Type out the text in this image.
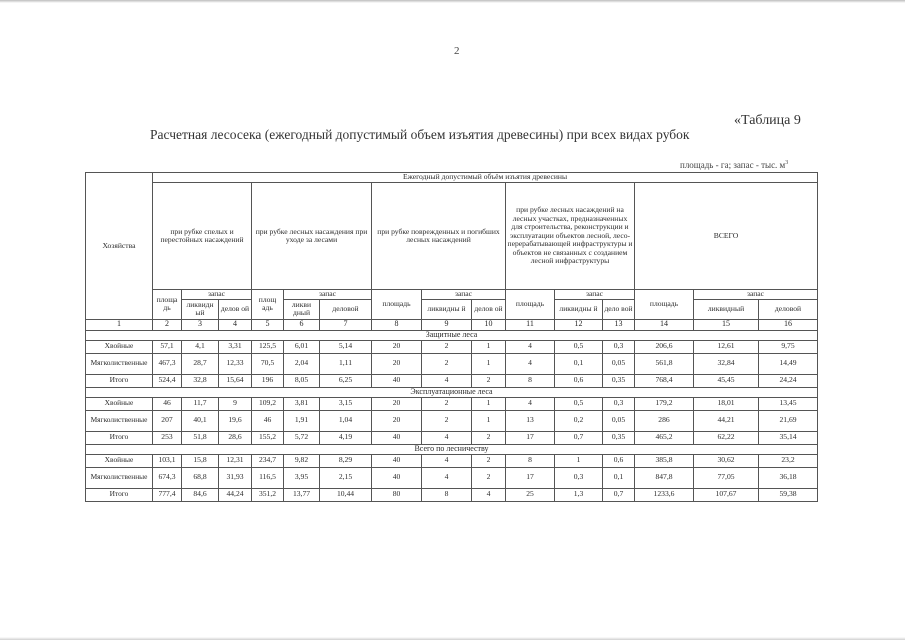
2
«Таблица 9
Расчетная лесосека (ежегодный допустимый объем изъятия древесины) при всех видах рубок
площадь - га; запас - тыс. $м^3$
Хозяйства	Ежегодный допустимый объём изъятия древесины														
	при рубке спелых и перестойных насаждений			при рубке лесных насаждения при уходе за лесами			при рубке поврежденных и погибших лесных насаждений			при рубке лесных насаждений на лесных участках, предназначенных для строительства, реконструкции и эксплуатации объектов лесной, лесо-перерабатывающей инфраструктуры и объектов не связанных с созданием лесной инфраструктуры			ВСЕГО		
	площа дь	запас		площ адь	запас		площадь	запас		площадь	запас		площадь	запас	
		ликвидн ый	делов ой		ликви дный	деловой		ликвидны й	делов ой		ликвидны й	дело вой		ликвидный	деловой
1	2	3	4	5	6	7	8	9	10	11	12	13	14	15	16
Защитные леса															
Хвойные	57,1	4,1	3,31	125,5	6,01	5,14	20	2	1	4	0,5	0,3	206,6	12,61	9,75
Мягколиственные	467,3	28,7	12,33	70,5	2,04	1,11	20	2	1	4	0,1	0,05	561,8	32,84	14,49
Итого	524,4	32,8	15,64	196	8,05	6,25	40	4	2	8	0,6	0,35	768,4	45,45	24,24
Эксплуатационные леса															
Хвойные	46	11,7	9	109,2	3,81	3,15	20	2	1	4	0,5	0,3	179,2	18,01	13,45
Мягколиственные	207	40,1	19,6	46	1,91	1,04	20	2	1	13	0,2	0,05	286	44,21	21,69
Итого	253	51,8	28,6	155,2	5,72	4,19	40	4	2	17	0,7	0,35	465,2	62,22	35,14
Всего по лесничеству															
Хвойные	103,1	15,8	12,31	234,7	9,82	8,29	40	4	2	8	1	0,6	385,8	30,62	23,2
Мягколиственные	674,3	68,8	31,93	116,5	3,95	2,15	40	4	2	17	0,3	0,1	847,8	77,05	36,18
Итого	777,4	84,6	44,24	351,2	13,77	10,44	80	8	4	25	1,3	0,7	1233,6	107,67	59,38
